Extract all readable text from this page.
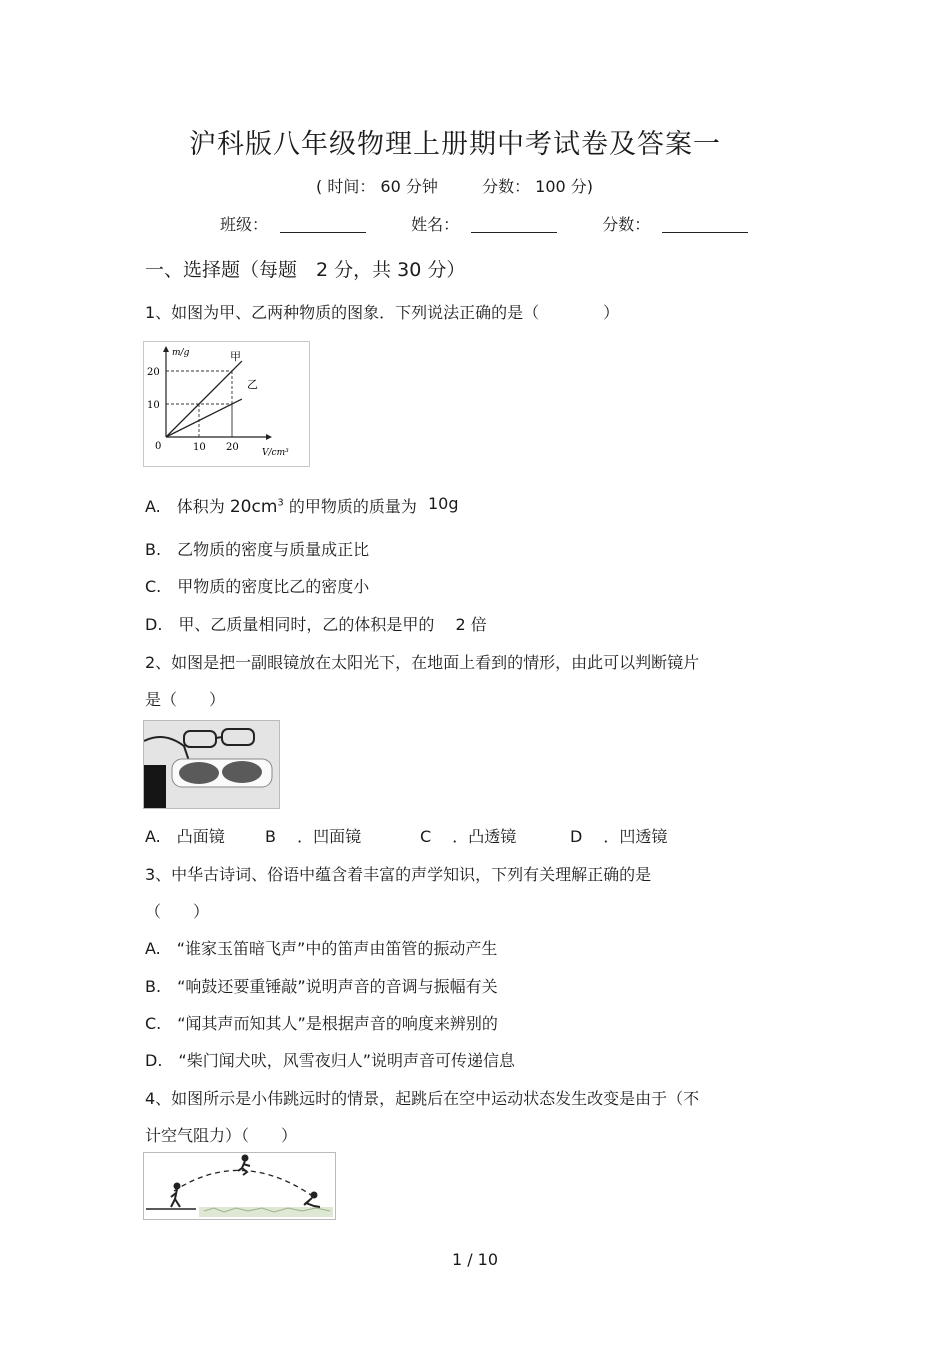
沪科版八年级物理上册期中考试卷及答案一
( 时间： 60 分钟	分数： 100 分)
班级：	姓名：	分数：
一、选择题（每题　2 分，共 30 分）
1、如图为甲、乙两种物质的图象．下列说法正确的是（　　　　）
10 20
10
20
m/g
V/cm³
0
甲
乙
A.　体积为 $20cm^3$ 的甲物质的质量为 10g
B.　乙物质的密度与质量成正比
C.　甲物质的密度比乙的密度小
D.　甲、乙质量相同时，乙的体积是甲的　 2 倍
2、如图是把一副眼镜放在太阳光下，在地面上看到的情形，由此可以判断镜片
是（　　）
A.　凸面镜	B　 ．凹面镜	C　 ．凸透镜	D　 ．凹透镜
3、中华古诗词、俗语中蕴含着丰富的声学知识，下列有关理解正确的是
（　　）
A.　“谁家玉笛暗飞声”中的笛声由笛管的振动产生
B.　“响鼓还要重锤敲”说明声音的音调与振幅有关
C.　“闻其声而知其人”是根据声音的响度来辨别的
D.　“柴门闻犬吠，风雪夜归人”说明声音可传递信息
4、如图所示是小伟跳远时的情景，起跳后在空中运动状态发生改变是由于（不
计空气阻力）（　　）
1 / 10
